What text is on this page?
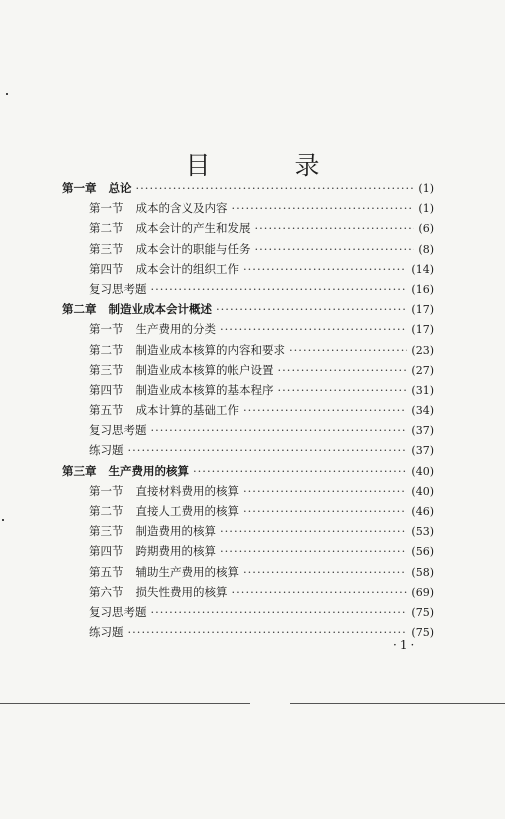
目 录
第一章 总论 ·····	(1)
第一节 成本的含义及内容 ·····	(1)
第二节 成本会计的产生和发展 ·····	(6)
第三节 成本会计的职能与任务 ·····	(8)
第四节 成本会计的组织工作 ·····	(14)
复习思考题 ·····	(16)
第二章 制造业成本会计概述 ·····	(17)
第一节 生产费用的分类 ·····	(17)
第二节 制造业成本核算的内容和要求 ·····	(23)
第三节 制造业成本核算的帐户设置 ·····	(27)
第四节 制造业成本核算的基本程序 ·····	(31)
第五节 成本计算的基础工作 ·····	(34)
复习思考题 ·····	(37)
练习题 ·····	(37)
第三章 生产费用的核算 ·····	(40)
第一节 直接材料费用的核算 ·····	(40)
第二节 直接人工费用的核算 ·····	(46)
第三节 制造费用的核算 ·····	(53)
第四节 跨期费用的核算 ·····	(56)
第五节 辅助生产费用的核算 ·····	(58)
第六节 损失性费用的核算 ·····	(69)
复习思考题 ·····	(75)
练习题 ·····	(75)
·1·
